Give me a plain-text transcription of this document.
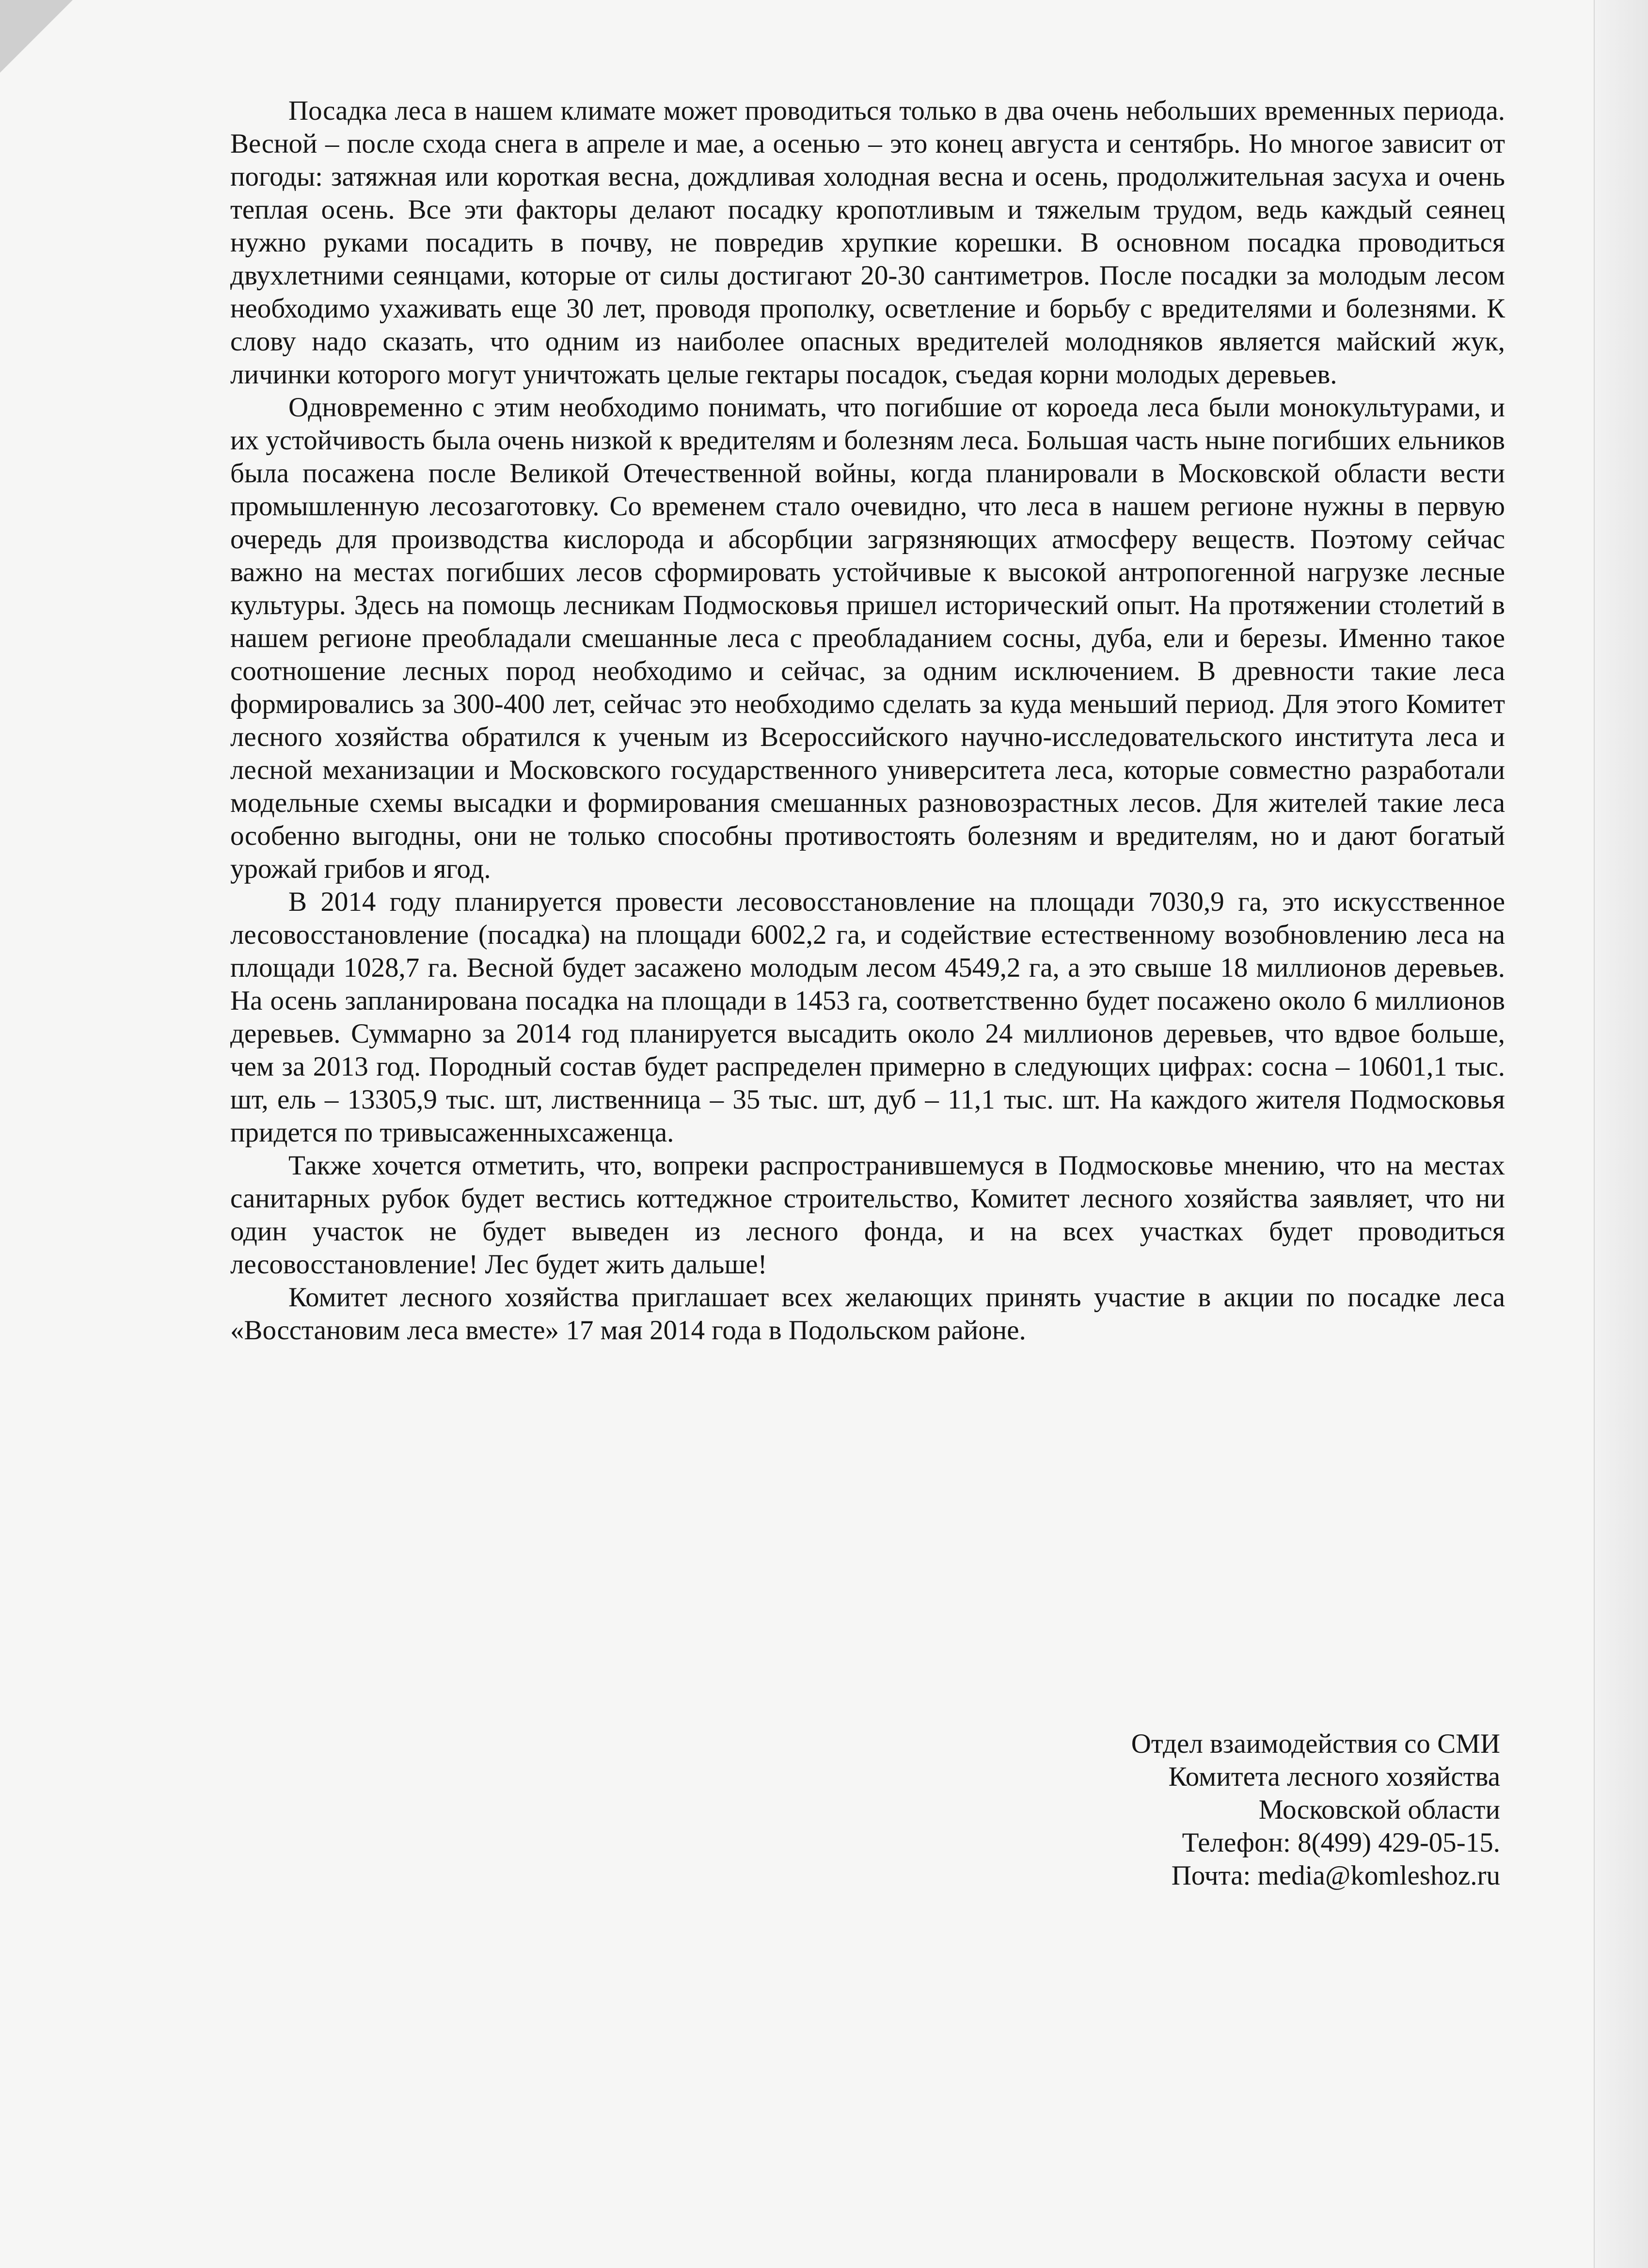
Посадка леса в нашем климате может проводиться только в два очень небольших временных периода. Весной – после схода снега в апреле и мае, а осенью – это конец августа и сентябрь. Но многое зависит от погоды: затяжная или короткая весна, дождливая холодная весна и осень, продолжительная засуха и очень теплая осень. Все эти факторы делают посадку кропотливым и тяжелым трудом, ведь каждый сеянец нужно руками посадить в почву, не повредив хрупкие корешки. В основном посадка проводиться двухлетними сеянцами, которые от силы достигают 20-30 сантиметров. После посадки за молодым лесом необходимо ухаживать еще 30 лет, проводя прополку, осветление и борьбу с вредителями и болезнями. К слову надо сказать, что одним из наиболее опасных вредителей молодняков является майский жук, личинки которого могут уничтожать целые гектары посадок, съедая корни молодых деревьев.

Одновременно с этим необходимо понимать, что погибшие от короеда леса были монокультурами, и их устойчивость была очень низкой к вредителям и болезням леса. Большая часть ныне погибших ельников была посажена после Великой Отечественной войны, когда планировали в Московской области вести промышленную лесозаготовку. Со временем стало очевидно, что леса в нашем регионе нужны в первую очередь для производства кислорода и абсорбции загрязняющих атмосферу веществ. Поэтому сейчас важно на местах погибших лесов сформировать устойчивые к высокой антропогенной нагрузке лесные культуры. Здесь на помощь лесникам Подмосковья пришел исторический опыт. На протяжении столетий в нашем регионе преобладали смешанные леса с преобладанием сосны, дуба, ели и березы. Именно такое соотношение лесных пород необходимо и сейчас, за одним исключением. В древности такие леса формировались за 300-400 лет, сейчас это необходимо сделать за куда меньший период. Для этого Комитет лесного хозяйства обратился к ученым из Всероссийского научно-исследовательского института леса и лесной механизации и Московского государственного университета леса, которые совместно разработали модельные схемы высадки и формирования смешанных разновозрастных лесов. Для жителей такие леса особенно выгодны, они не только способны противостоять болезням и вредителям, но и дают богатый урожай грибов и ягод.

В 2014 году планируется провести лесовосстановление на площади 7030,9 га, это искусственное лесовосстановление (посадка) на площади 6002,2 га, и содействие естественному возобновлению леса на площади 1028,7 га. Весной будет засажено молодым лесом 4549,2 га, а это свыше 18 миллионов деревьев. На осень запланирована посадка на площади в 1453 га, соответственно будет посажено около 6 миллионов деревьев. Суммарно за 2014 год планируется высадить около 24 миллионов деревьев, что вдвое больше, чем за 2013 год. Породный состав будет распределен примерно в следующих цифрах: сосна – 10601,1 тыс. шт, ель – 13305,9 тыс. шт, лиственница – 35 тыс. шт, дуб – 11,1 тыс. шт. На каждого жителя Подмосковья придется по тривысаженныхсаженца.

Также хочется отметить, что, вопреки распространившемуся в Подмосковье мнению, что на местах санитарных рубок будет вестись коттеджное строительство, Комитет лесного хозяйства заявляет, что ни один участок не будет выведен из лесного фонда, и на всех участках будет проводиться лесовосстановление! Лес будет жить дальше!

Комитет лесного хозяйства приглашает всех желающих принять участие в акции по посадке леса «Восстановим леса вместе» 17 мая 2014 года в Подольском районе.

Отдел взаимодействия со СМИ
Комитета лесного хозяйства
Московской области
Телефон: 8(499) 429-05-15.
Почта: media@komleshoz.ru
